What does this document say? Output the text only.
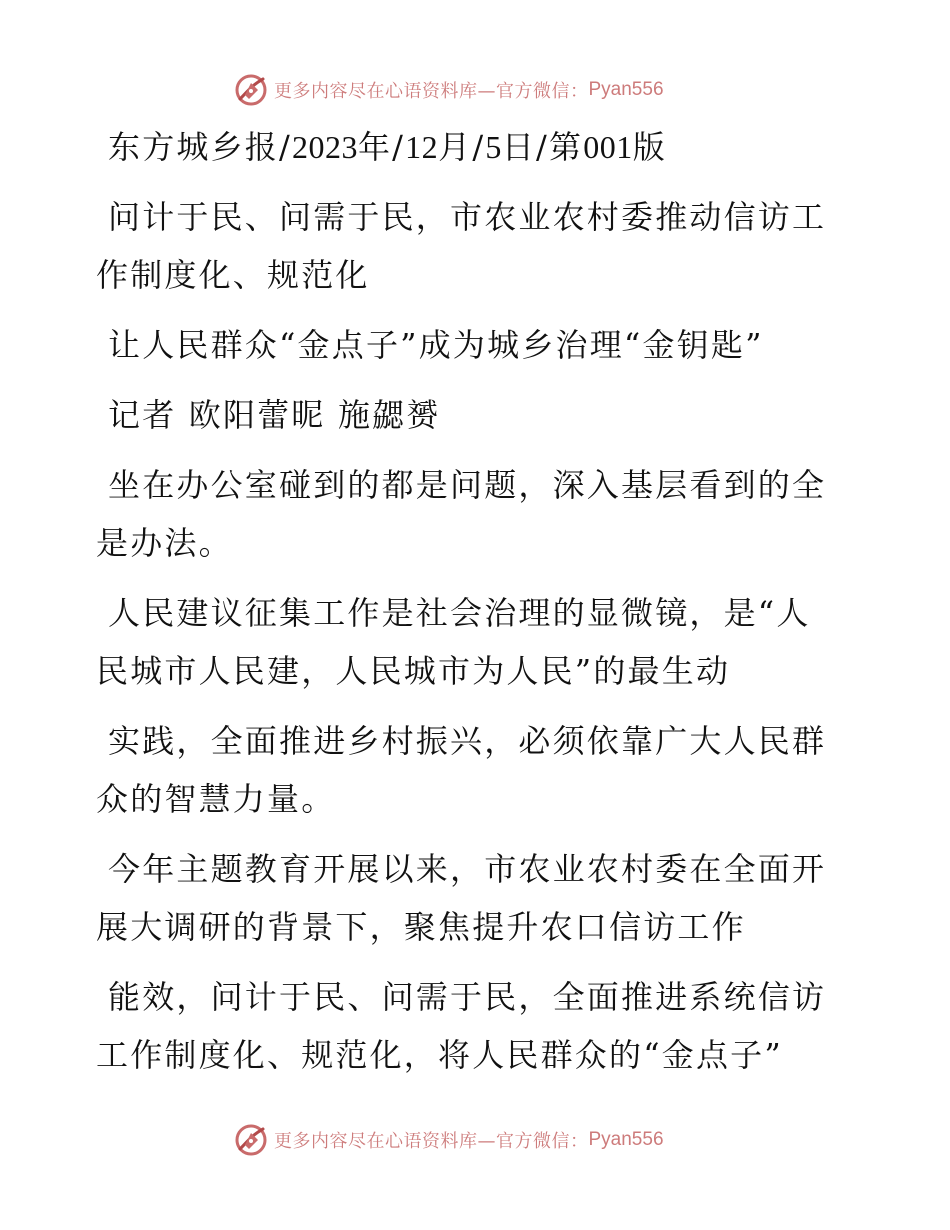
更多内容尽在心语资料库—官方微信： Pyan556
东方城乡报/2023年/12月/5日/第001版
问计于民、问需于民，市农业农村委推动信访工
作制度化、规范化
让人民群众“金点子”成为城乡治理“金钥匙”
记者 欧阳蕾昵 施勰赟
坐在办公室碰到的都是问题，深入基层看到的全
是办法。
人民建议征集工作是社会治理的显微镜，是“人
民城市人民建，人民城市为人民”的最生动
实践，全面推进乡村振兴，必须依靠广大人民群
众的智慧力量。
今年主题教育开展以来，市农业农村委在全面开
展大调研的背景下，聚焦提升农口信访工作
能效，问计于民、问需于民，全面推进系统信访
工作制度化、规范化，将人民群众的“金点子”
更多内容尽在心语资料库—官方微信： Pyan556
